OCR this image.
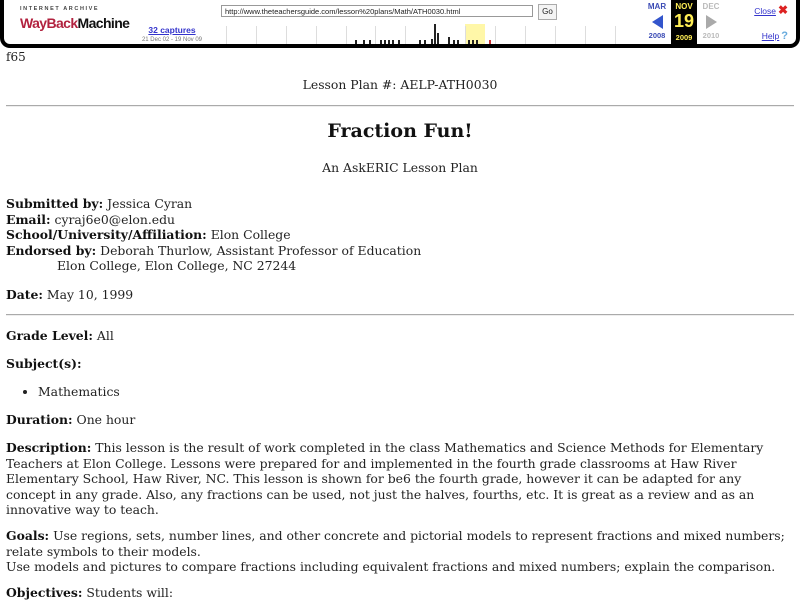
INTERNET ARCHIVE
WayBackMachine	32 captures
21 Dec 02 - 19 Nov 09
http://www.theteachersguide.com/lesson%20plans/Math/ATH0030.html	Go
MAR
2008
NOV
19
2009
DEC
2010
Close ✖
Help ?
f65
Lesson Plan #: AELP-ATH0030
Fraction Fun!
An AskERIC Lesson Plan
Submitted by: Jessica Cyran
Email: cyraj6e0@elon.edu
School/University/Affiliation: Elon College
Endorsed by: Deborah Thurlow, Assistant Professor of Education
Elon College, Elon College, NC 27244
Date: May 10, 1999
Grade Level: All
Subject(s):
• Mathematics
Duration: One hour
Description: This lesson is the result of work completed in the class Mathematics and Science Methods for Elementary Teachers at Elon College. Lessons were prepared for and implemented in the fourth grade classrooms at Haw River Elementary School, Haw River, NC. This lesson is shown for be6 the fourth grade, however it can be adapted for any concept in any grade. Also, any fractions can be used, not just the halves, fourths, etc. It is great as a review and as an innovative way to teach.
Goals: Use regions, sets, number lines, and other concrete and pictorial models to represent fractions and mixed numbers; relate symbols to their models.
Use models and pictures to compare fractions including equivalent fractions and mixed numbers; explain the comparison.
Objectives: Students will:
